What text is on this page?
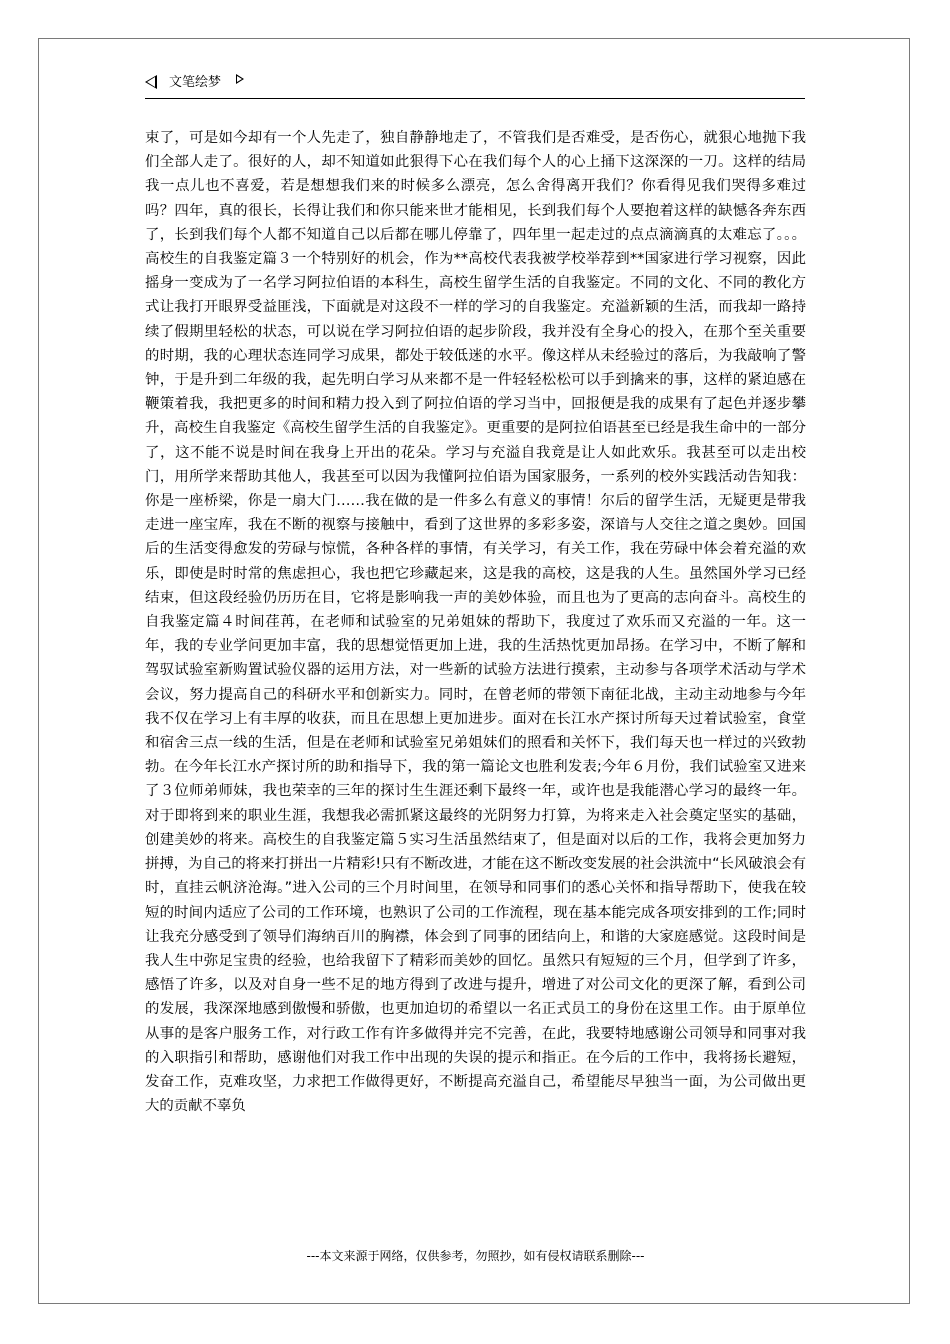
文笔绘梦

束了，可是如今却有一个人先走了，独自静静地走了，不管我们是否难受，是否伤心，就狠心地抛下我们全部人走了。很好的人，却不知道如此狠得下心在我们每个人的心上捅下这深深的一刀。这样的结局我一点儿也不喜爱，若是想想我们来的时候多么漂亮，怎么舍得离开我们？你看得见我们哭得多难过吗？四年，真的很长，长得让我们和你只能来世才能相见，长到我们每个人要抱着这样的缺憾各奔东西了，长到我们每个人都不知道自己以后都在哪儿停靠了，四年里一起走过的点点滴滴真的太难忘了。。。高校生的自我鉴定篇３一个特别好的机会，作为**高校代表我被学校举荐到**国家进行学习视察，因此摇身一变成为了一名学习阿拉伯语的本科生，高校生留学生活的自我鉴定。不同的文化、不同的教化方式让我打开眼界受益匪浅，下面就是对这段不一样的学习的自我鉴定。充溢新颖的生活，而我却一路持续了假期里轻松的状态，可以说在学习阿拉伯语的起步阶段，我并没有全身心的投入，在那个至关重要的时期，我的心理状态连同学习成果，都处于较低迷的水平。像这样从未经验过的落后，为我敲响了警钟，于是升到二年级的我，起先明白学习从来都不是一件轻轻松松可以手到擒来的事，这样的紧迫感在鞭策着我，我把更多的时间和精力投入到了阿拉伯语的学习当中，回报便是我的成果有了起色并逐步攀升，高校生自我鉴定《高校生留学生活的自我鉴定》。更重要的是阿拉伯语甚至已经是我生命中的一部分了，这不能不说是时间在我身上开出的花朵。学习与充溢自我竟是让人如此欢乐。我甚至可以走出校门，用所学来帮助其他人，我甚至可以因为我懂阿拉伯语为国家服务，一系列的校外实践活动告知我：你是一座桥梁，你是一扇大门……我在做的是一件多么有意义的事情！尔后的留学生活，无疑更是带我走进一座宝库，我在不断的视察与接触中，看到了这世界的多彩多姿，深谙与人交往之道之奥妙。回国后的生活变得愈发的劳碌与惊慌，各种各样的事情，有关学习，有关工作，我在劳碌中体会着充溢的欢乐，即使是时时常的焦虑担心，我也把它珍藏起来，这是我的高校，这是我的人生。虽然国外学习已经结束，但这段经验仍历历在目，它将是影响我一声的美妙体验，而且也为了更高的志向奋斗。高校生的自我鉴定篇４时间荏苒，在老师和试验室的兄弟姐妹的帮助下，我度过了欢乐而又充溢的一年。这一年，我的专业学问更加丰富，我的思想觉悟更加上进，我的生活热忱更加昂扬。在学习中，不断了解和驾驭试验室新购置试验仪器的运用方法，对一些新的试验方法进行摸索，主动参与各项学术活动与学术会议，努力提高自己的科研水平和创新实力。同时，在曾老师的带领下南征北战，主动主动地参与今年我不仅在学习上有丰厚的收获，而且在思想上更加进步。面对在长江水产探讨所每天过着试验室，食堂和宿舍三点一线的生活，但是在老师和试验室兄弟姐妹们的照看和关怀下，我们每天也一样过的兴致勃勃。在今年长江水产探讨所的助和指导下，我的第一篇论文也胜利发表;今年６月份，我们试验室又进来了３位师弟师妹，我也荣幸的三年的探讨生生涯还剩下最终一年，或许也是我能潜心学习的最终一年。对于即将到来的职业生涯，我想我必需抓紧这最终的光阴努力打算，为将来走入社会奠定坚实的基础，创建美妙的将来。高校生的自我鉴定篇５实习生活虽然结束了，但是面对以后的工作，我将会更加努力拼搏，为自己的将来打拼出一片精彩!只有不断改进，才能在这不断改变发展的社会洪流中“长风破浪会有时，直挂云帆济沧海。”进入公司的三个月时间里，在领导和同事们的悉心关怀和指导帮助下，使我在较短的时间内适应了公司的工作环境，也熟识了公司的工作流程，现在基本能完成各项安排到的工作;同时让我充分感受到了领导们海纳百川的胸襟，体会到了同事的团结向上，和谐的大家庭感觉。这段时间是我人生中弥足宝贵的经验，也给我留下了精彩而美妙的回忆。虽然只有短短的三个月，但学到了许多，感悟了许多，以及对自身一些不足的地方得到了改进与提升，增进了对公司文化的更深了解，看到公司的发展，我深深地感到傲慢和骄傲，也更加迫切的希望以一名正式员工的身份在这里工作。由于原单位从事的是客户服务工作，对行政工作有许多做得并完不完善，在此，我要特地感谢公司领导和同事对我的入职指引和帮助，感谢他们对我工作中出现的失误的提示和指正。在今后的工作中，我将扬长避短，发奋工作，克难攻坚，力求把工作做得更好，不断提高充溢自己，希望能尽早独当一面，为公司做出更大的贡献不辜负

---本文来源于网络，仅供参考，勿照抄，如有侵权请联系删除---
